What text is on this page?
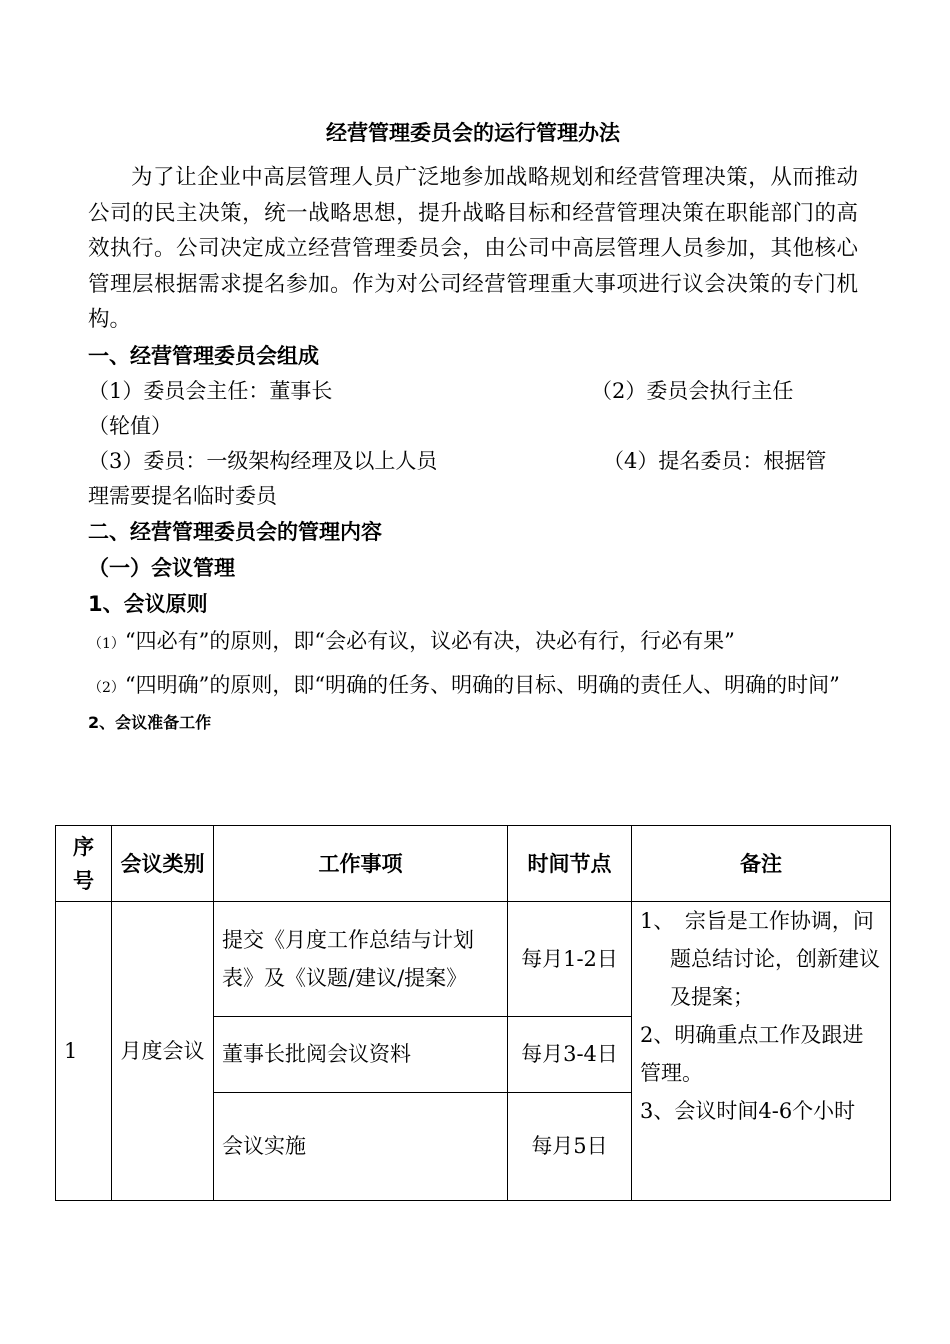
经营管理委员会的运行管理办法

为了让企业中高层管理人员广泛地参加战略规划和经营管理决策，从而推动公司的民主决策，统一战略思想，提升战略目标和经营管理决策在职能部门的高效执行。公司决定成立经营管理委员会，由公司中高层管理人员参加，其他核心管理层根据需求提名参加。作为对公司经营管理重大事项进行议会决策的专门机构。

一、经营管理委员会组成

（1）委员会主任：董事长	（2）委员会执行主任

（轮值）

（3）委员：一级架构经理及以上人员	（4）提名委员：根据管

理需要提名临时委员

二、经营管理委员会的管理内容

（一）会议管理

1、会议原则

（1）“四必有”的原则，即“会必有议，议必有决，决必有行，行必有果”

（2）“四明确”的原则，即“明确的任务、明确的目标、明确的责任人、明确的时间”

2、会议准备工作

序号	会议类别	工作事项	时间节点	备注
1	月度会议	提交《月度工作总结与计划表》及《议题/建议/提案》	每月1-2日	1、　宗旨是工作协调，问题总结讨论，创新建议及提案；

2、明确重点工作及跟进管理。

3、会议时间4-6个小时

		董事长批阅会议资料	每月3-4日	
		会议实施	每月5日	
